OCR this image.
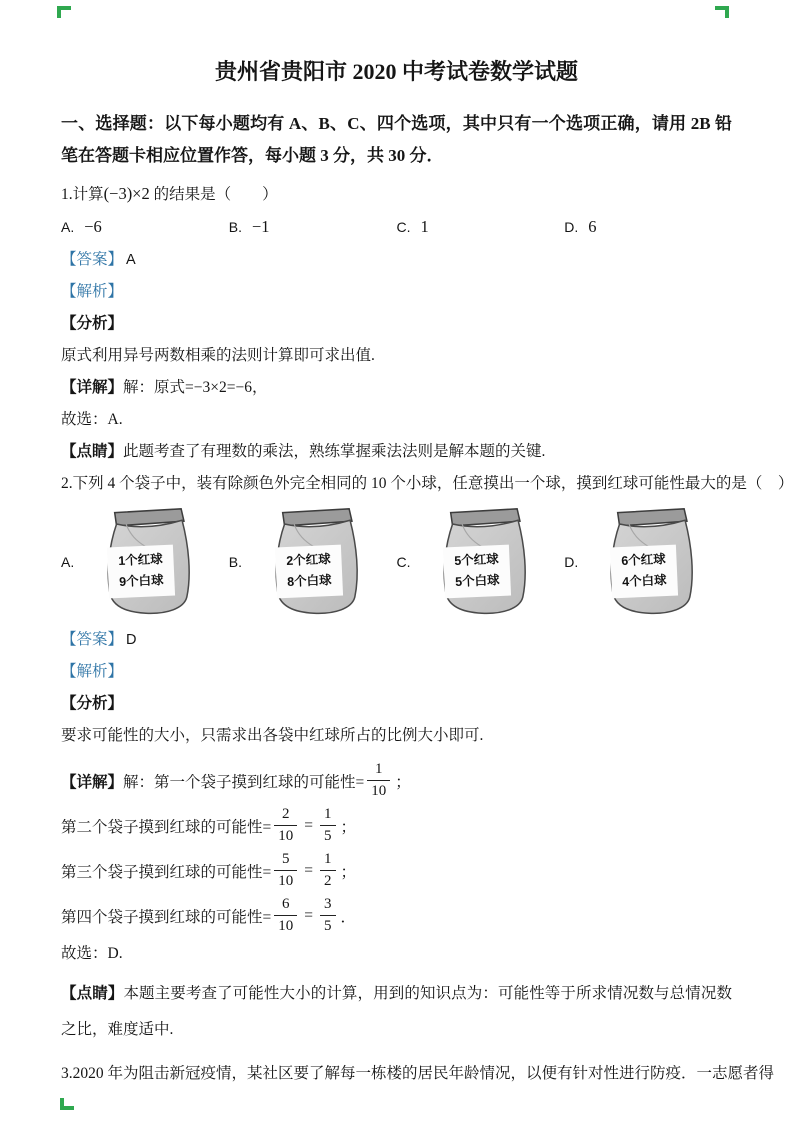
贵州省贵阳市 2020 中考试卷数学试题

一、选择题：以下每小题均有 A、B、C、四个选项，其中只有一个选项正确，请用 2B 铅笔在答题卡相应位置作答，每小题 3 分，共 30 分．

1.计算(−3)×2 的结果是（　　）

A. −6	B. −1	C. 1	D. 6

【答案】 A

【解析】

【分析】

原式利用异号两数相乘的法则计算即可求出值.

【详解】解：原式=−3×2=−6，

故选：A.

【点睛】此题考查了有理数的乘法，熟练掌握乘法法则是解本题的关键.

2.下列 4 个袋子中，装有除颜色外完全相同的 10 个小球，任意摸出一个球，摸到红球可能性最大的是（　）

A.	1个红球
9个白球
B.	2个红球
8个白球
C.	5个红球
5个白球
D.	6个红球
4个白球

【答案】 D

【解析】

【分析】

要求可能性的大小，只需求出各袋中红球所占的比例大小即可.

【详解】 解：第一个袋子摸到红球的可能性= $\frac{1}{10}$ ；
第二个袋子摸到红球的可能性= $\frac{2}{10} = \frac{1}{5}$ ；
第三个袋子摸到红球的可能性= $\frac{5}{10} = \frac{1}{2}$ ；
第四个袋子摸到红球的可能性= $\frac{6}{10} = \frac{3}{5}$ ．

故选：D.

【点睛】本题主要考查了可能性大小的计算，用到的知识点为：可能性等于所求情况数与总情况数之比，难度适中.

3.2020 年为阻击新冠疫情，某社区要了解每一栋楼的居民年龄情况，以便有针对性进行防疫．一志愿者得
